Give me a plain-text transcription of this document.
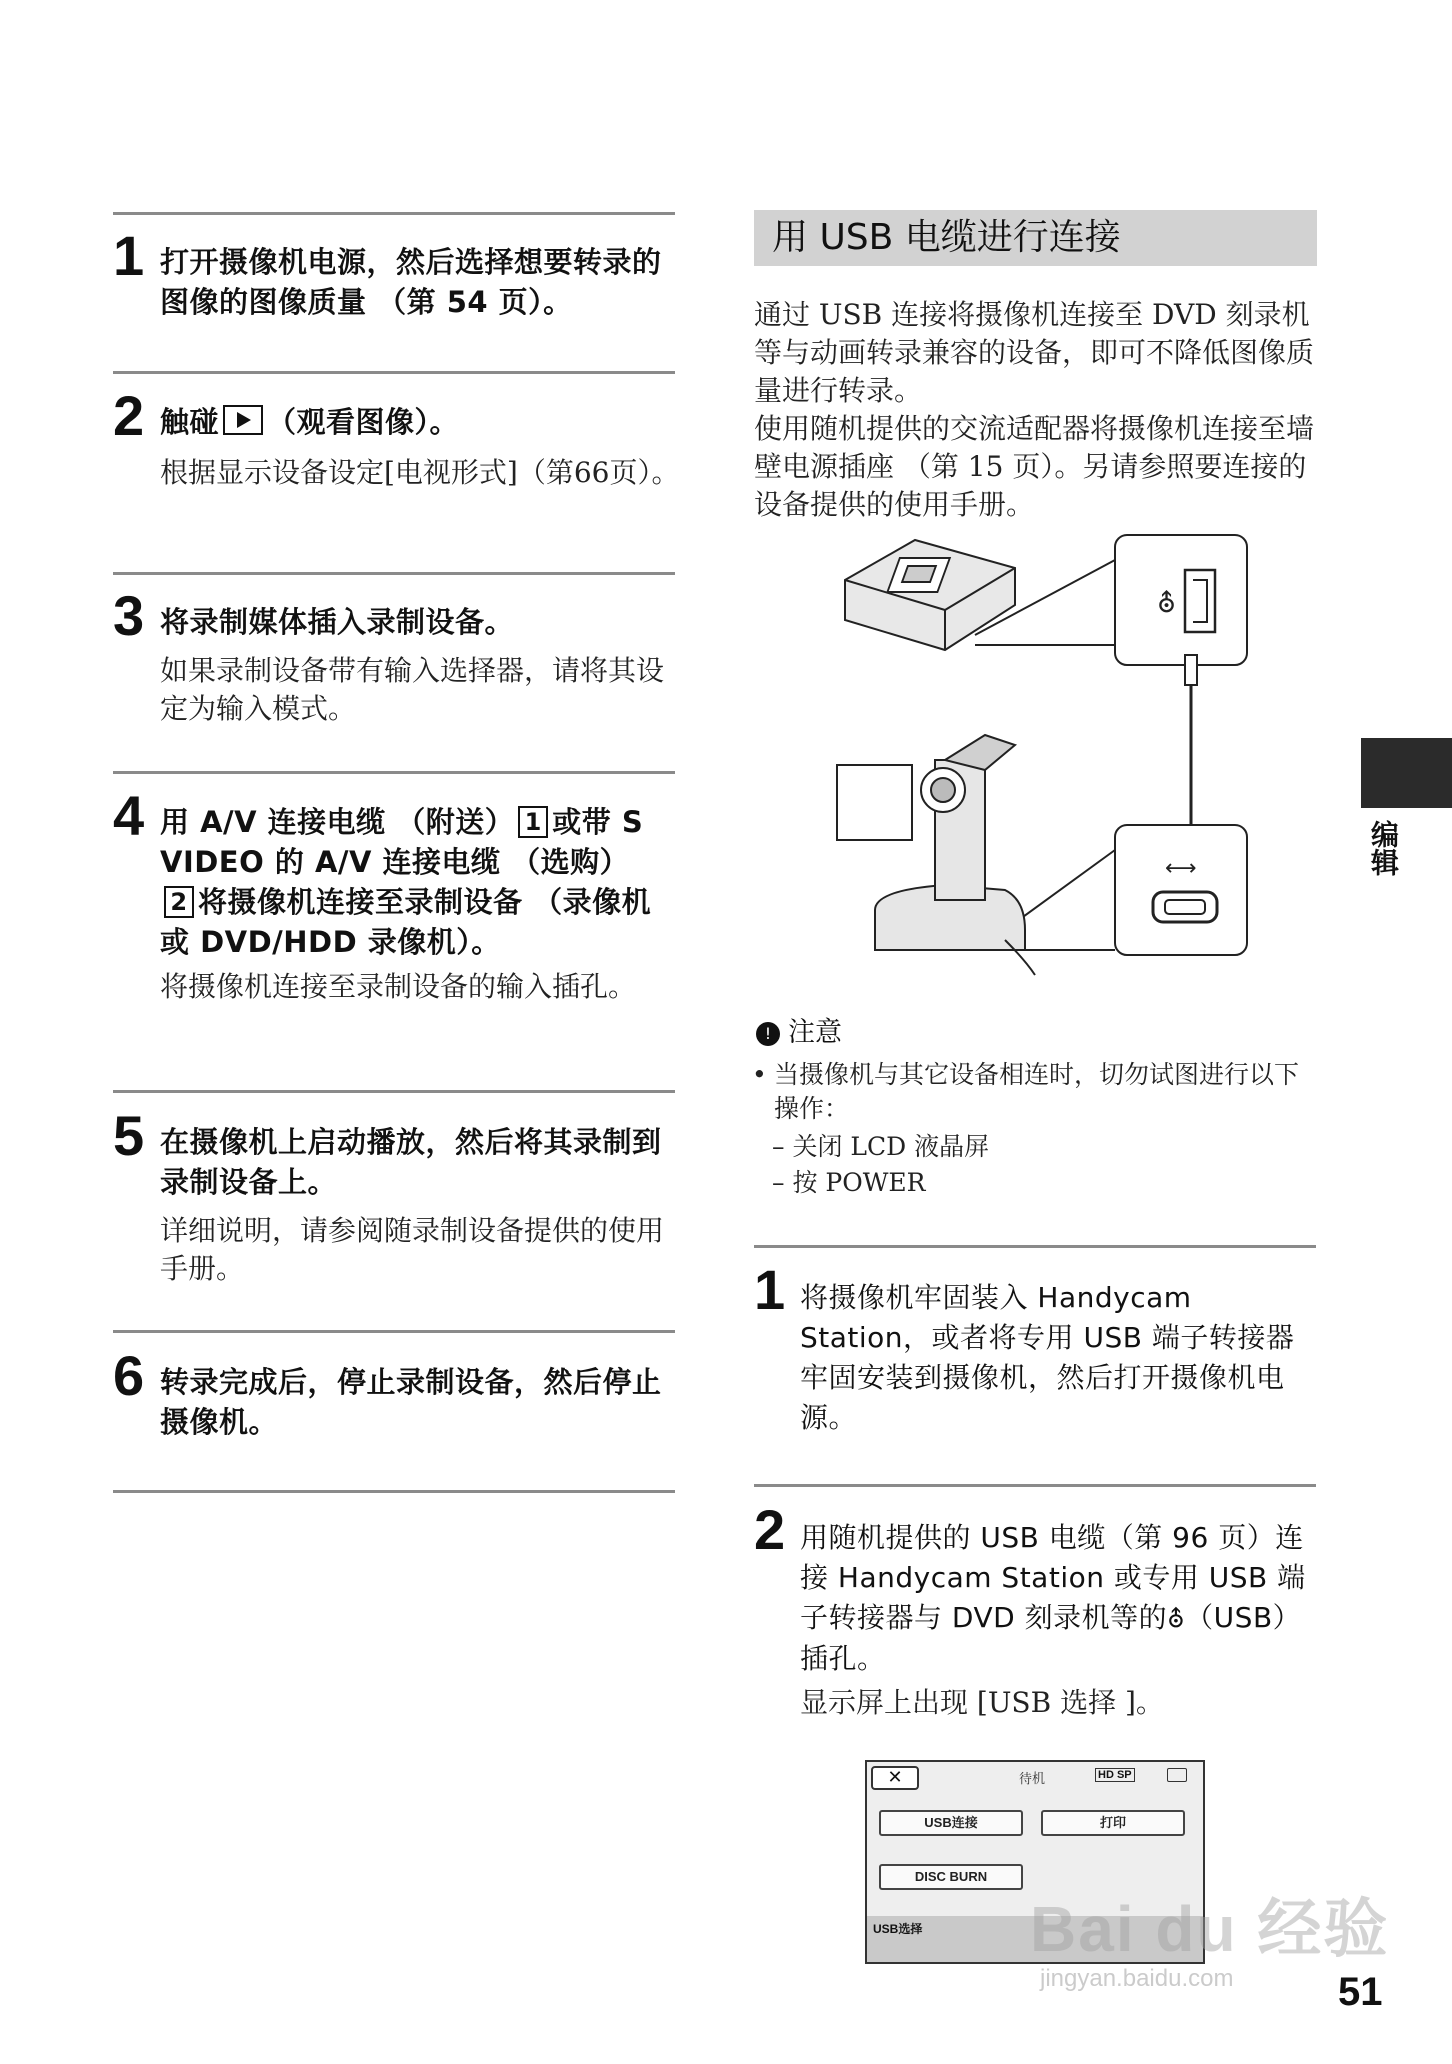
1 打开摄像机电源，然后选择想要转录的图像的图像质量 （第 54 页）。
2 触碰 （观看图像）。
根据显示设备设定[电视形式]（第66页）。
3 将录制媒体插入录制设备。
如果录制设备带有输入选择器，请将其设定为输入模式。
4 用 A/V 连接电缆 （附送） 1 或带 S VIDEO 的 A/V 连接电缆 （选购）2 将摄像机连接至录制设备 （录像机或 DVD/HDD 录像机）。
将摄像机连接至录制设备的输入插孔。
5 在摄像机上启动播放，然后将其录制到录制设备上。
详细说明，请参阅随录制设备提供的使用手册。
6 转录完成后，停止录制设备，然后停止摄像机。
用 USB 电缆进行连接
通过 USB 连接将摄像机连接至 DVD 刻录机等与动画转录兼容的设备，即可不降低图像质量进行转录。
使用随机提供的交流适配器将摄像机连接至墙壁电源插座 （第 15 页）。另请参照要连接的设备提供的使用手册。
⛢
⟷
! 注意
• 当摄像机与其它设备相连时，切勿试图进行以下操作：
– 关闭 LCD 液晶屏
– 按 POWER
1 将摄像机牢固装入 Handycam Station，或者将专用 USB 端子转接器牢固安装到摄像机，然后打开摄像机电源。
2 用随机提供的 USB 电缆（第 96 页）连接 Handycam Station 或专用 USB 端子转接器与 DVD 刻录机等的⛢（USB）插孔。
显示屏上出现 [USB 选择 ]。
✕	待机	HD SP
USB连接	打印
DISC BURN
USB选择
编辑
51
Bai du 经验
jingyan.baidu.com
